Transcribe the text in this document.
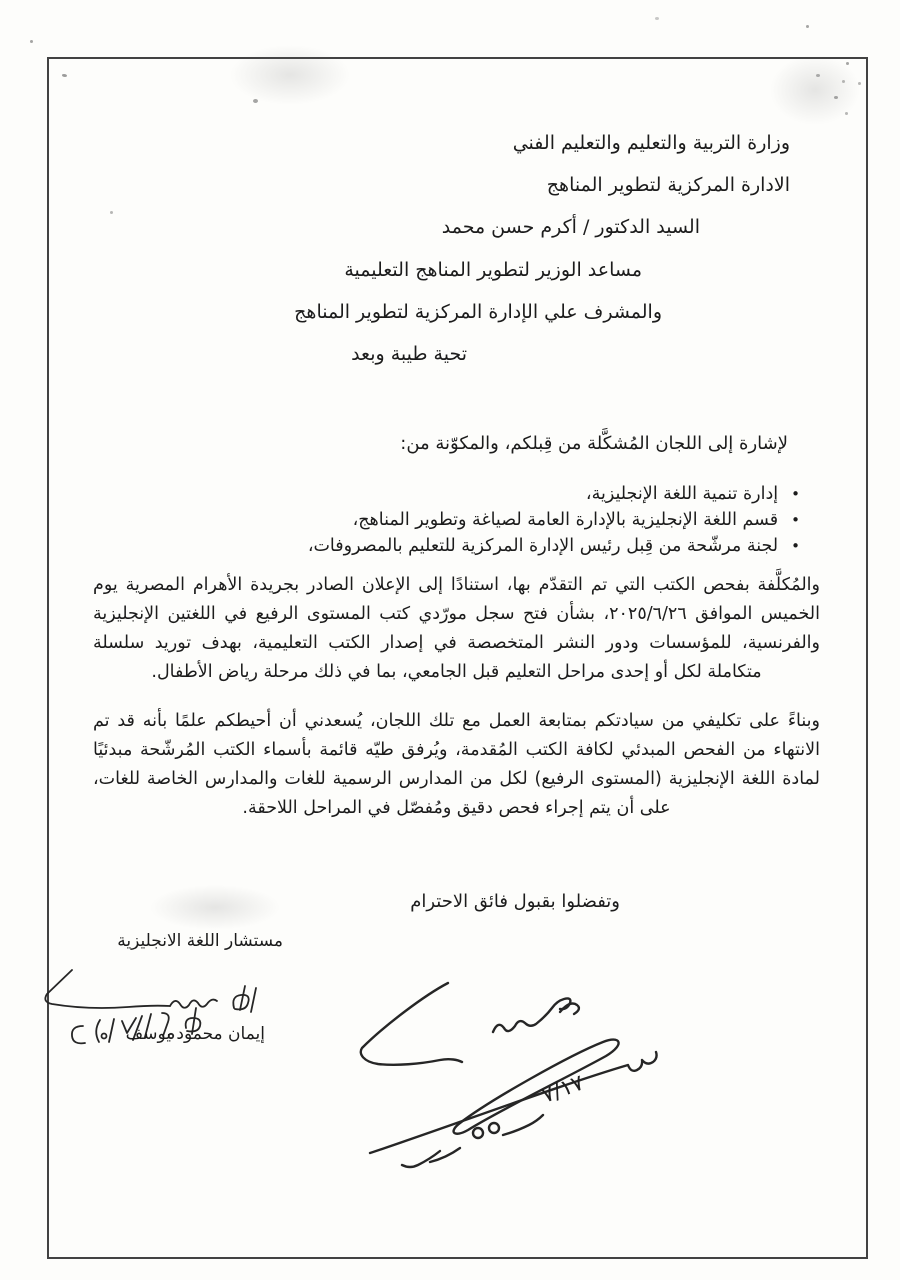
وزارة التربية والتعليم والتعليم الفني
الادارة المركزية لتطوير المناهج
السيد الدكتور / أكرم حسن محمد
مساعد الوزير لتطوير المناهج التعليمية
والمشرف علي الإدارة المركزية لتطوير المناهج
تحية طيبة وبعد
لإشارة إلى اللجان المُشكَّلة من قِبلكم، والمكوّنة من:
•
إدارة تنمية اللغة الإنجليزية،
•
قسم اللغة الإنجليزية بالإدارة العامة لصياغة وتطوير المناهج،
•
لجنة مرشّحة من قِبل رئيس الإدارة المركزية للتعليم بالمصروفات،
والمُكلَّفة بفحص الكتب التي تم التقدّم بها، استنادًا إلى الإعلان الصادر بجريدة الأهرام المصرية يوم الخميس الموافق ٢٠٢٥/٦/٢٦، بشأن فتح سجل مورّدي كتب المستوى الرفيع في اللغتين الإنجليزية والفرنسية، للمؤسسات ودور النشر المتخصصة في إصدار الكتب التعليمية، بهدف توريد سلسلة متكاملة لكل أو إحدى مراحل التعليم قبل الجامعي، بما في ذلك مرحلة رياض الأطفال.
وبناءً على تكليفي من سيادتكم بمتابعة العمل مع تلك اللجان، يُسعدني أن أحيطكم علمًا بأنه قد تم الانتهاء من الفحص المبدئي لكافة الكتب المُقدمة، ويُرفق طيّه قائمة بأسماء الكتب المُرشّحة مبدئيًا لمادة اللغة الإنجليزية (المستوى الرفيع) لكل من المدارس الرسمية للغات والمدارس الخاصة للغات، على أن يتم إجراء فحص دقيق ومُفصّل في المراحل اللاحقة.
وتفضلوا بقبول فائق الاحترام
مستشار اللغة الانجليزية
إيمان محمود يوسف
٧/١٧
